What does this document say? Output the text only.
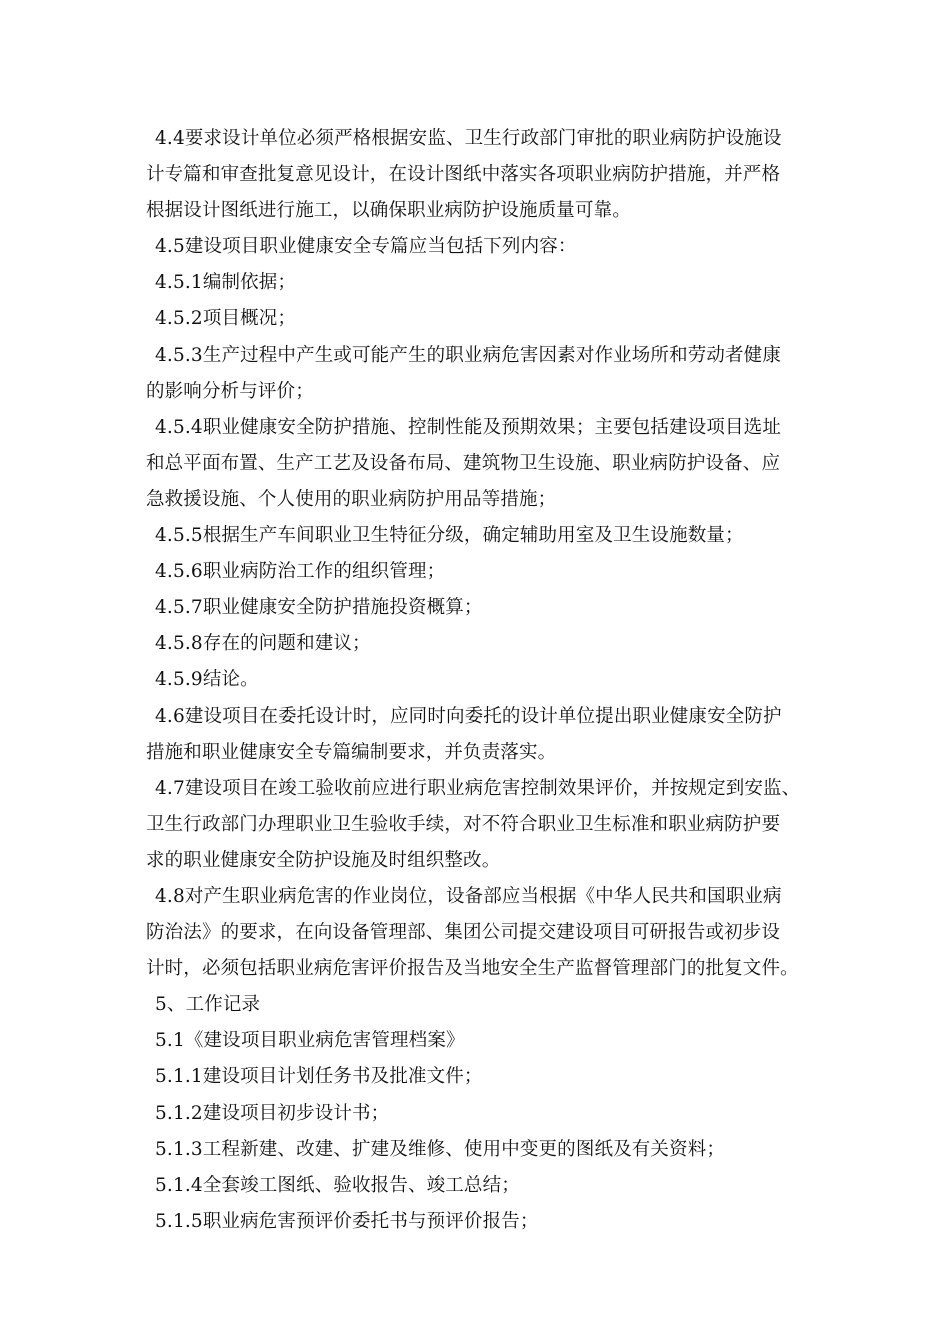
4.4要求设计单位必须严格根据安监、卫生行政部门审批的职业病防护设施设
计专篇和审查批复意见设计，在设计图纸中落实各项职业病防护措施，并严格
根据设计图纸进行施工，以确保职业病防护设施质量可靠。
4.5建设项目职业健康安全专篇应当包括下列内容：
4.5.1编制依据；
4.5.2项目概况；
4.5.3生产过程中产生或可能产生的职业病危害因素对作业场所和劳动者健康
的影响分析与评价；
4.5.4职业健康安全防护措施、控制性能及预期效果；主要包括建设项目选址
和总平面布置、生产工艺及设备布局、建筑物卫生设施、职业病防护设备、应
急救援设施、个人使用的职业病防护用品等措施；
4.5.5根据生产车间职业卫生特征分级，确定辅助用室及卫生设施数量；
4.5.6职业病防治工作的组织管理；
4.5.7职业健康安全防护措施投资概算；
4.5.8存在的问题和建议；
4.5.9结论。
4.6建设项目在委托设计时，应同时向委托的设计单位提出职业健康安全防护
措施和职业健康安全专篇编制要求，并负责落实。
4.7建设项目在竣工验收前应进行职业病危害控制效果评价，并按规定到安监、
卫生行政部门办理职业卫生验收手续，对不符合职业卫生标准和职业病防护要
求的职业健康安全防护设施及时组织整改。
4.8对产生职业病危害的作业岗位，设备部应当根据《中华人民共和国职业病
防治法》的要求，在向设备管理部、集团公司提交建设项目可研报告或初步设
计时，必须包括职业病危害评价报告及当地安全生产监督管理部门的批复文件。
5、工作记录
5.1《建设项目职业病危害管理档案》
5.1.1建设项目计划任务书及批准文件；
5.1.2建设项目初步设计书；
5.1.3工程新建、改建、扩建及维修、使用中变更的图纸及有关资料；
5.1.4全套竣工图纸、验收报告、竣工总结；
5.1.5职业病危害预评价委托书与预评价报告；
